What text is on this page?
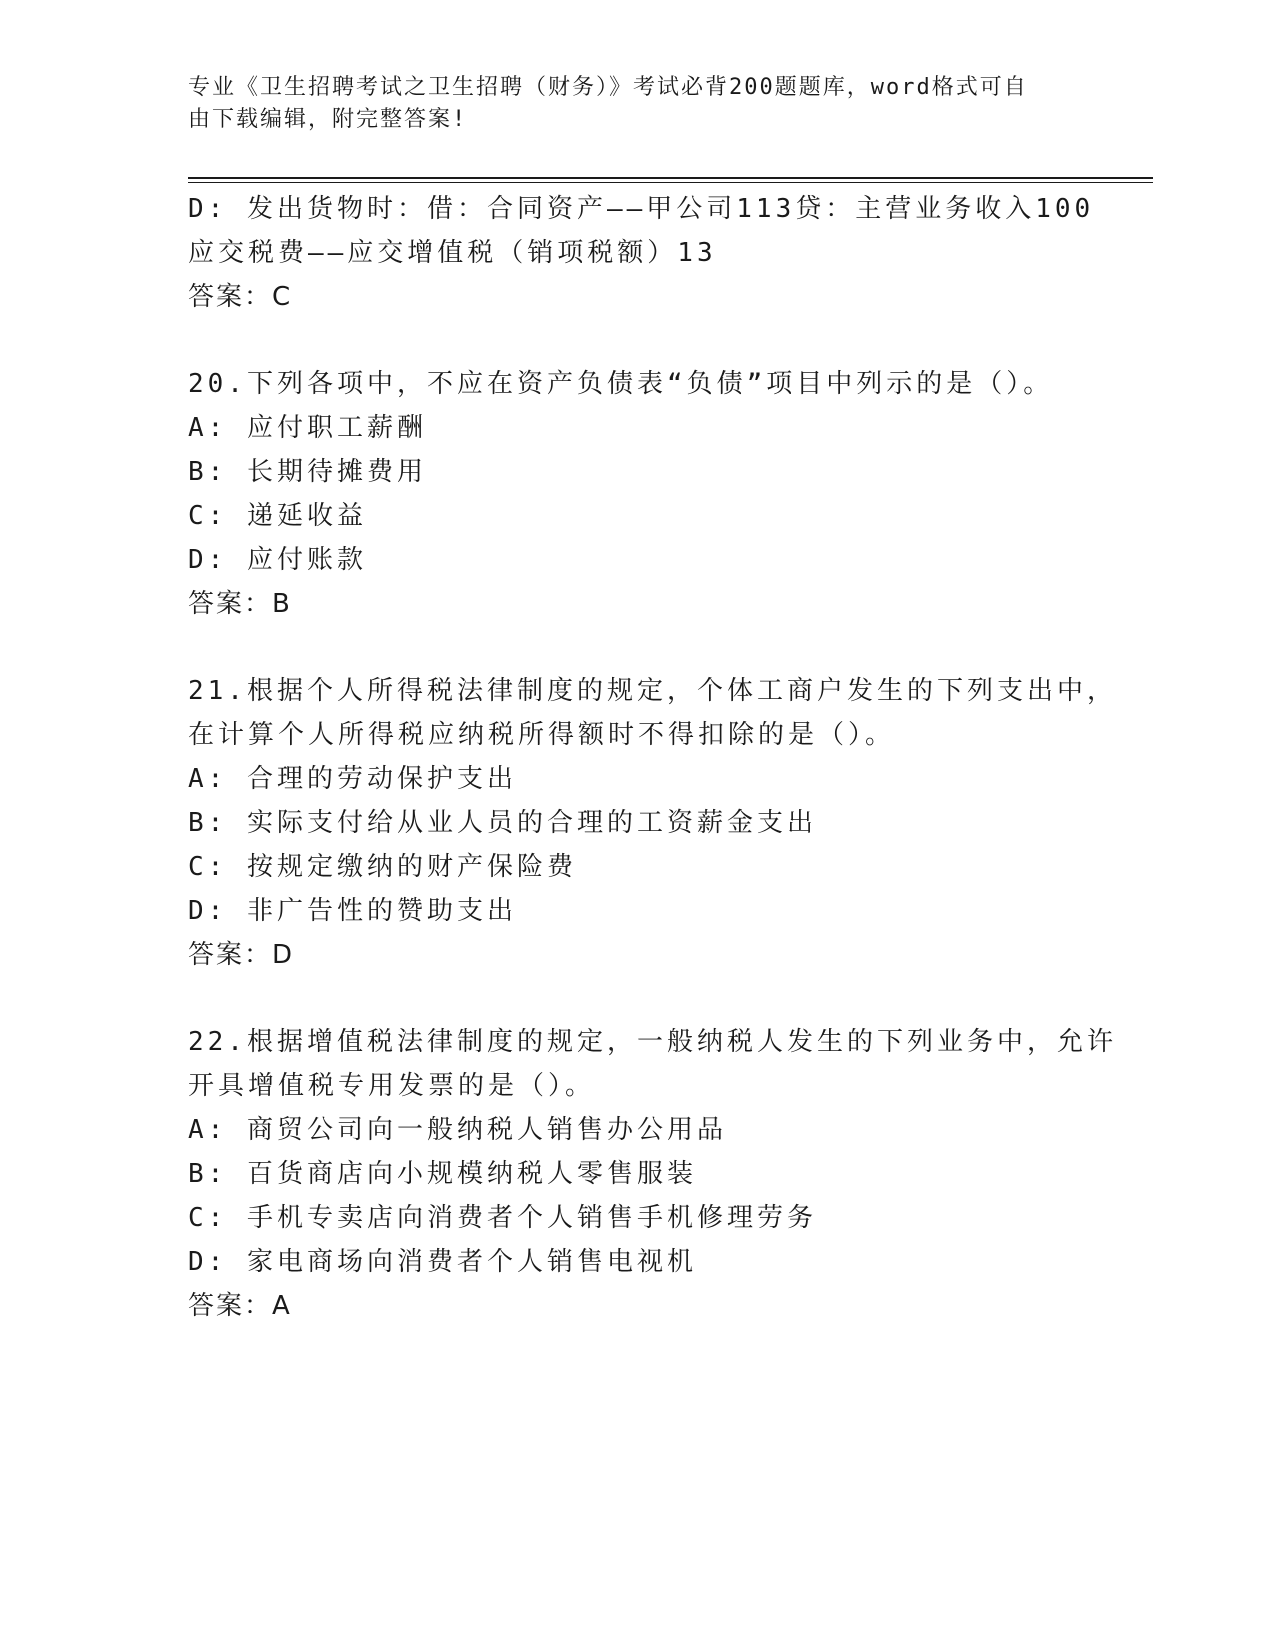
专业《卫生招聘考试之卫生招聘（财务）》考试必背200题题库，word格式可自
由下载编辑，附完整答案!
D: 发出货物时：借：合同资产——甲公司113贷：主营业务收入100
应交税费——应交增值税（销项税额）13
答案：C
20.下列各项中，不应在资产负债表“负债”项目中列示的是（）。
A: 应付职工薪酬
B: 长期待摊费用
C: 递延收益
D: 应付账款
答案：B
21.根据个人所得税法律制度的规定，个体工商户发生的下列支出中，
在计算个人所得税应纳税所得额时不得扣除的是（）。
A: 合理的劳动保护支出
B: 实际支付给从业人员的合理的工资薪金支出
C: 按规定缴纳的财产保险费
D: 非广告性的赞助支出
答案：D
22.根据增值税法律制度的规定，一般纳税人发生的下列业务中，允许
开具增值税专用发票的是（）。
A: 商贸公司向一般纳税人销售办公用品
B: 百货商店向小规模纳税人零售服装
C: 手机专卖店向消费者个人销售手机修理劳务
D: 家电商场向消费者个人销售电视机
答案：A
